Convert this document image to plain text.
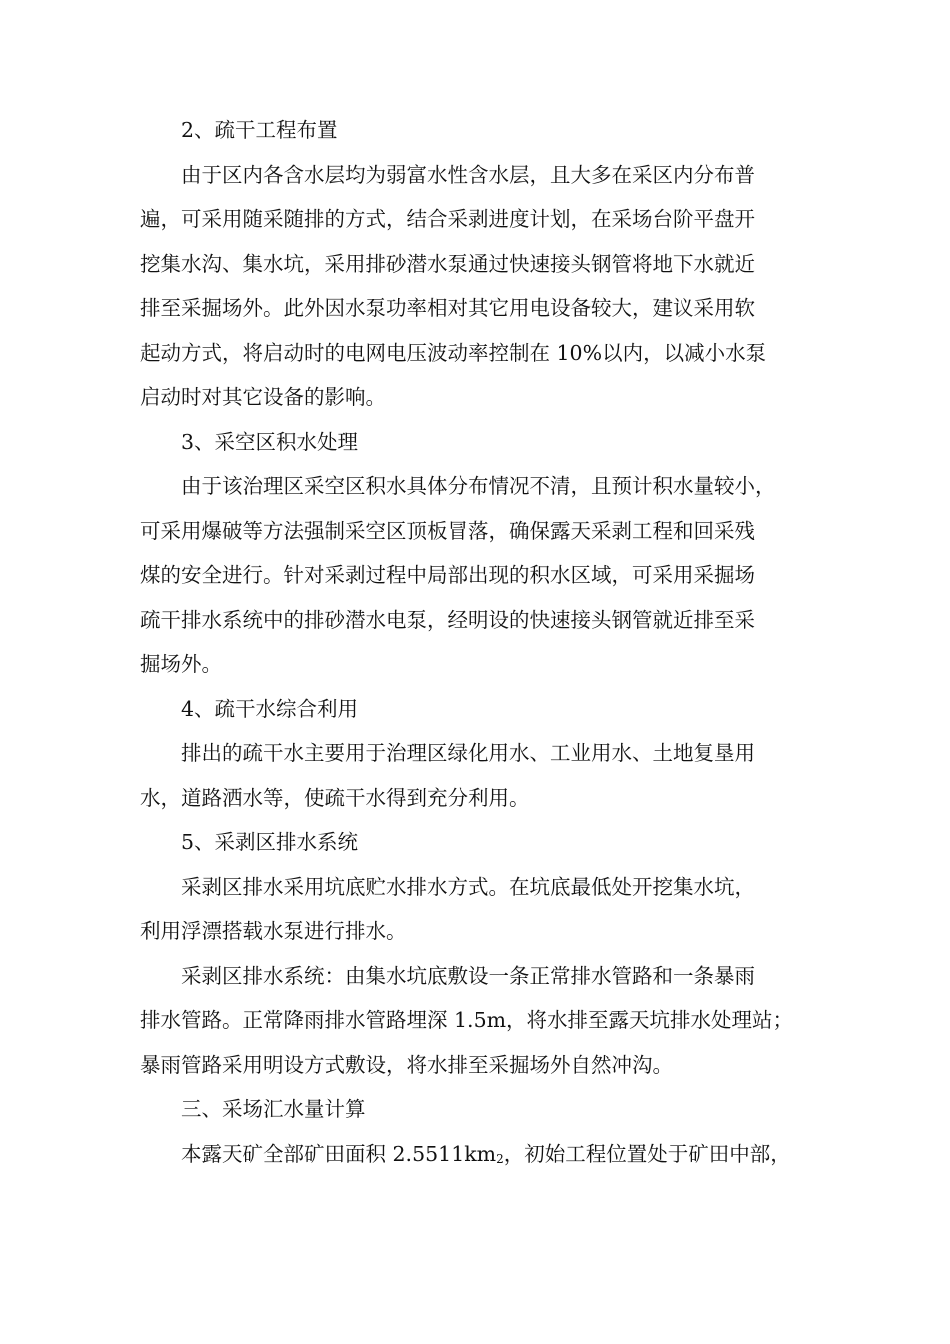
2、疏干工程布置

由于区内各含水层均为弱富水性含水层，且大多在采区内分布普
遍，可采用随采随排的方式，结合采剥进度计划，在采场台阶平盘开
挖集水沟、集水坑，采用排砂潜水泵通过快速接头钢管将地下水就近
排至采掘场外。此外因水泵功率相对其它用电设备较大，建议采用软
起动方式，将启动时的电网电压波动率控制在 10%以内，以减小水泵
启动时对其它设备的影响。

3、采空区积水处理

由于该治理区采空区积水具体分布情况不清，且预计积水量较小，
可采用爆破等方法强制采空区顶板冒落，确保露天采剥工程和回采残
煤的安全进行。针对采剥过程中局部出现的积水区域，可采用采掘场
疏干排水系统中的排砂潜水电泵，经明设的快速接头钢管就近排至采
掘场外。

4、疏干水综合利用

排出的疏干水主要用于治理区绿化用水、工业用水、土地复垦用
水，道路洒水等，使疏干水得到充分利用。

5、采剥区排水系统

采剥区排水采用坑底贮水排水方式。在坑底最低处开挖集水坑，
利用浮漂搭载水泵进行排水。

采剥区排水系统：由集水坑底敷设一条正常排水管路和一条暴雨
排水管路。正常降雨排水管路埋深 1.5m，将水排至露天坑排水处理站；
暴雨管路采用明设方式敷设，将水排至采掘场外自然冲沟。

三、采场汇水量计算

本露天矿全部矿田面积 2.5511km2，初始工程位置处于矿田中部，
